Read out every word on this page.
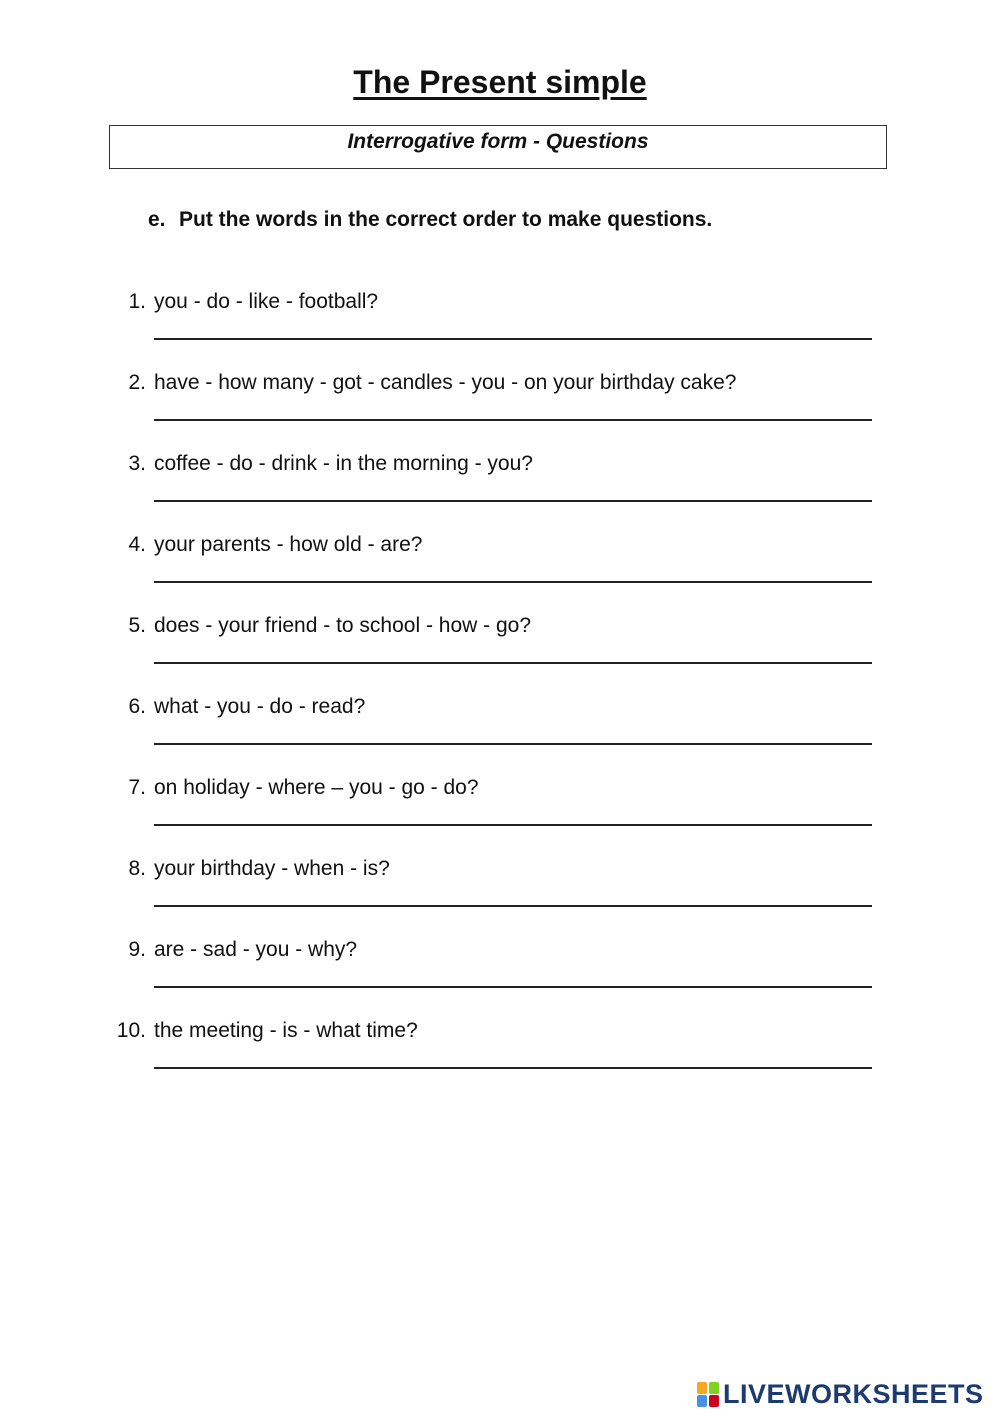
The Present simple
Interrogative form - Questions
e. Put the words in the correct order to make questions.
1. you - do - like - football?
2. have - how many - got - candles - you - on your birthday cake?
3. coffee - do - drink - in the morning - you?
4. your parents - how old - are?
5. does - your friend - to school - how - go?
6. what - you - do - read?
7. on holiday - where – you - go - do?
8. your birthday - when - is?
9. are - sad - you - why?
10. the meeting - is - what time?
LIVEWORKSHEETS
